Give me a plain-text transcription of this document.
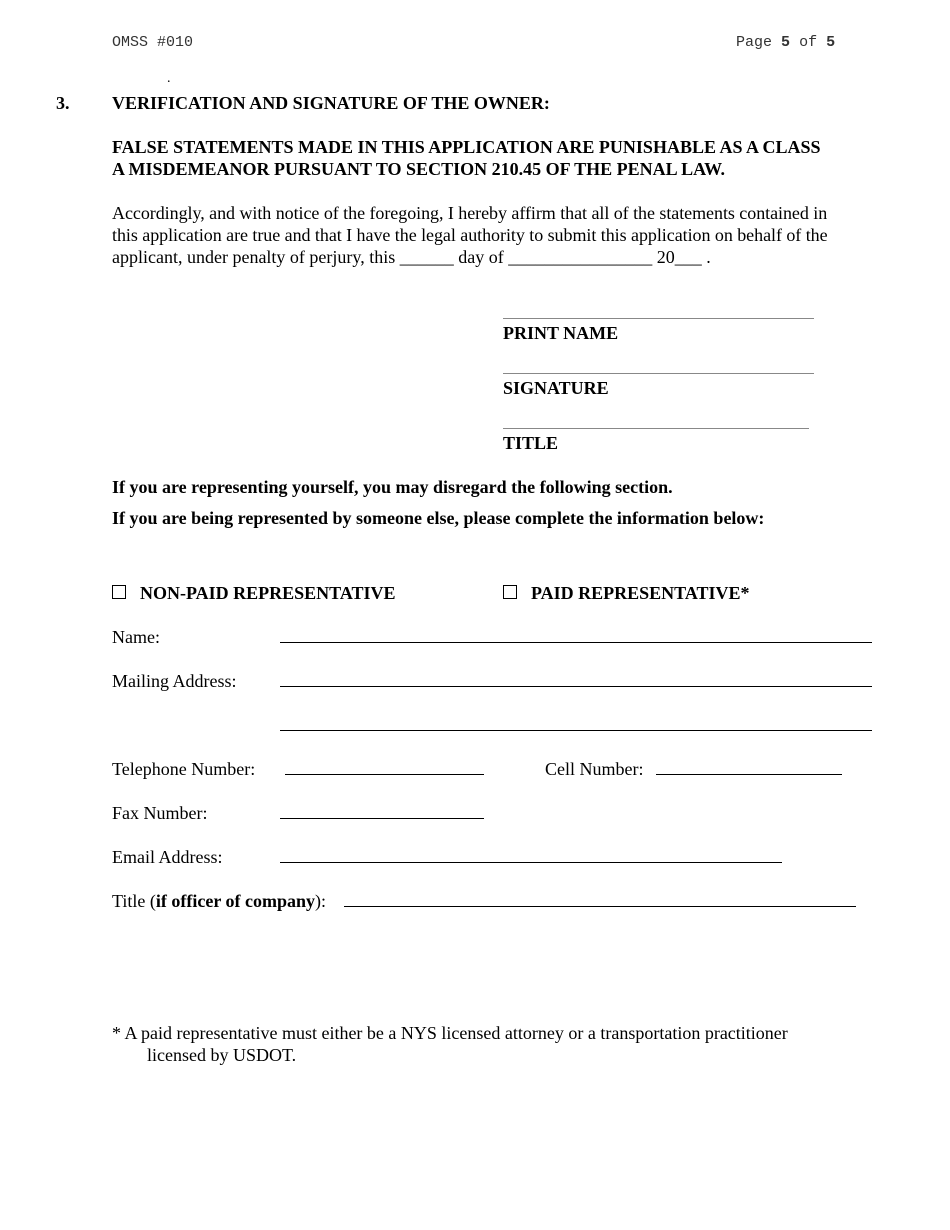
OMSS #010	Page 5 of 5
.
3. VERIFICATION AND SIGNATURE OF THE OWNER:
FALSE STATEMENTS MADE IN THIS APPLICATION ARE PUNISHABLE AS A CLASS
A MISDEMEANOR PURSUANT TO SECTION 210.45 OF THE PENAL LAW.
Accordingly, and with notice of the foregoing, I hereby affirm that all of the statements contained in
this application are true and that I have the legal authority to submit this application on behalf of the
applicant, under penalty of perjury, this ______ day of ________________ 20___ .
PRINT NAME
SIGNATURE
TITLE
If you are representing yourself, you may disregard the following section.
If you are being represented by someone else, please complete the information below:
NON-PAID REPRESENTATIVE	PAID REPRESENTATIVE*
Name:
Mailing Address:
Telephone Number:	Cell Number:
Fax Number:
Email Address:
Title (if officer of company):
* A paid representative must either be a NYS licensed attorney or a transportation practitioner
licensed by USDOT.
